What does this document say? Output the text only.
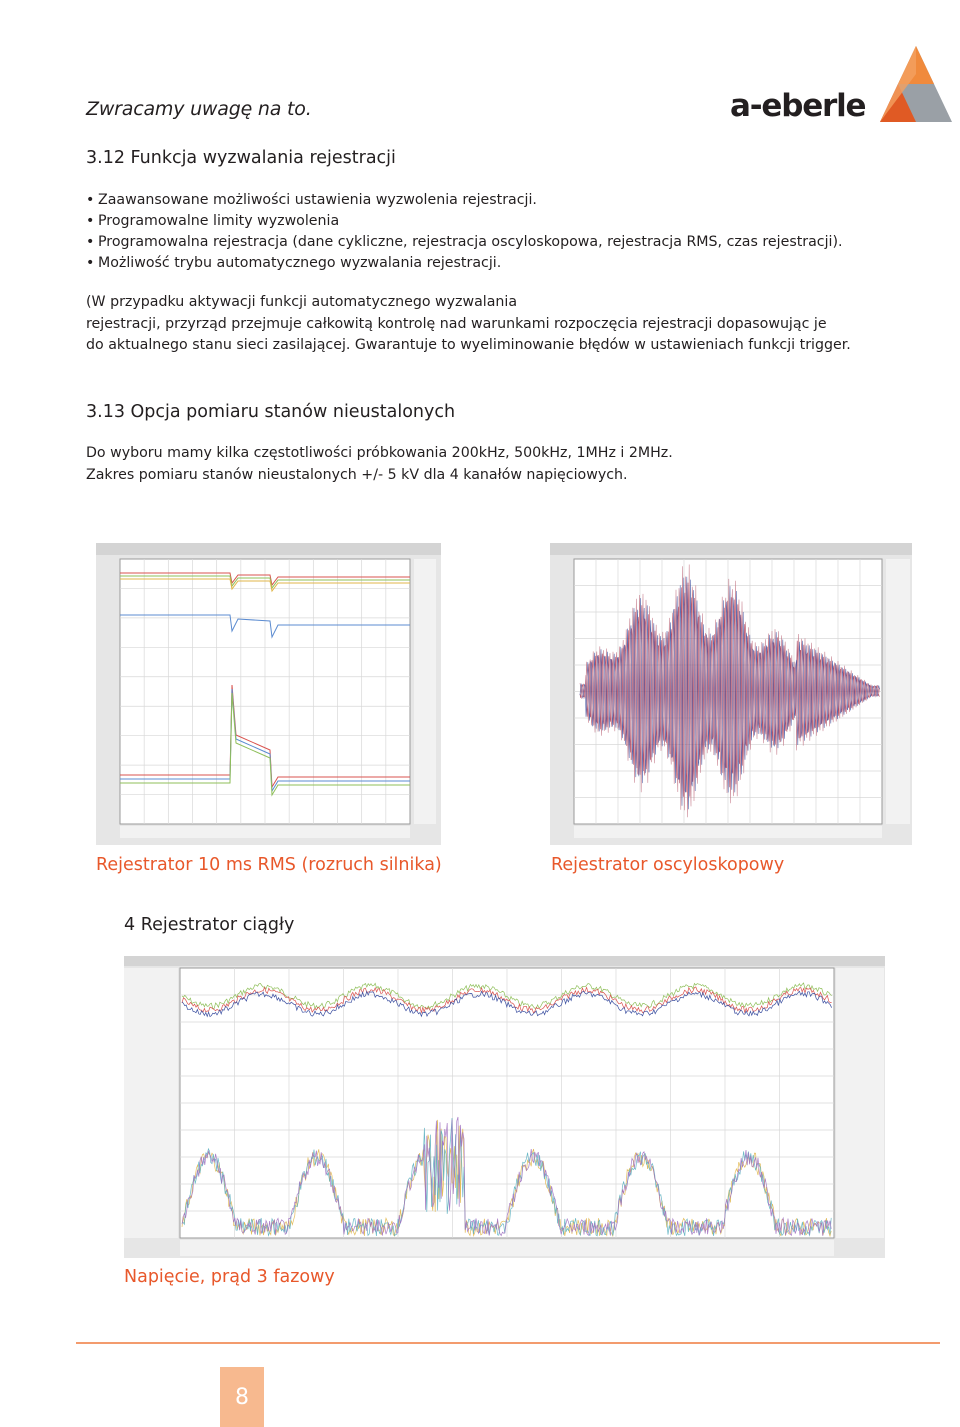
Zwracamy uwagę na to.	a-eberle
3.12 Funkcja wyzwalania rejestracji
• Zaawansowane możliwości ustawienia wyzwolenia rejestracji.
• Programowalne limity wyzwolenia
• Programowalna rejestracja (dane cykliczne, rejestracja oscyloskopowa, rejestracja RMS, czas rejestracji).
• Możliwość trybu automatycznego wyzwalania rejestracji.
(W przypadku aktywacji funkcji automatycznego wyzwalania
rejestracji, przyrząd przejmuje całkowitą kontrolę nad warunkami rozpoczęcia rejestracji dopasowując je
do aktualnego stanu sieci zasilającej. Gwarantuje to wyeliminowanie błędów w ustawieniach funkcji trigger.
3.13 Opcja pomiaru stanów nieustalonych
Do wyboru mamy kilka częstotliwości próbkowania 200kHz, 500kHz, 1MHz i 2MHz.
Zakres pomiaru stanów nieustalonych +/- 5 kV dla 4 kanałów napięciowych.
Rejestrator 10 ms RMS (rozruch silnika)	Rejestrator oscyloskopowy
4 Rejestrator ciągły
Napięcie, prąd 3 fazowy
8
